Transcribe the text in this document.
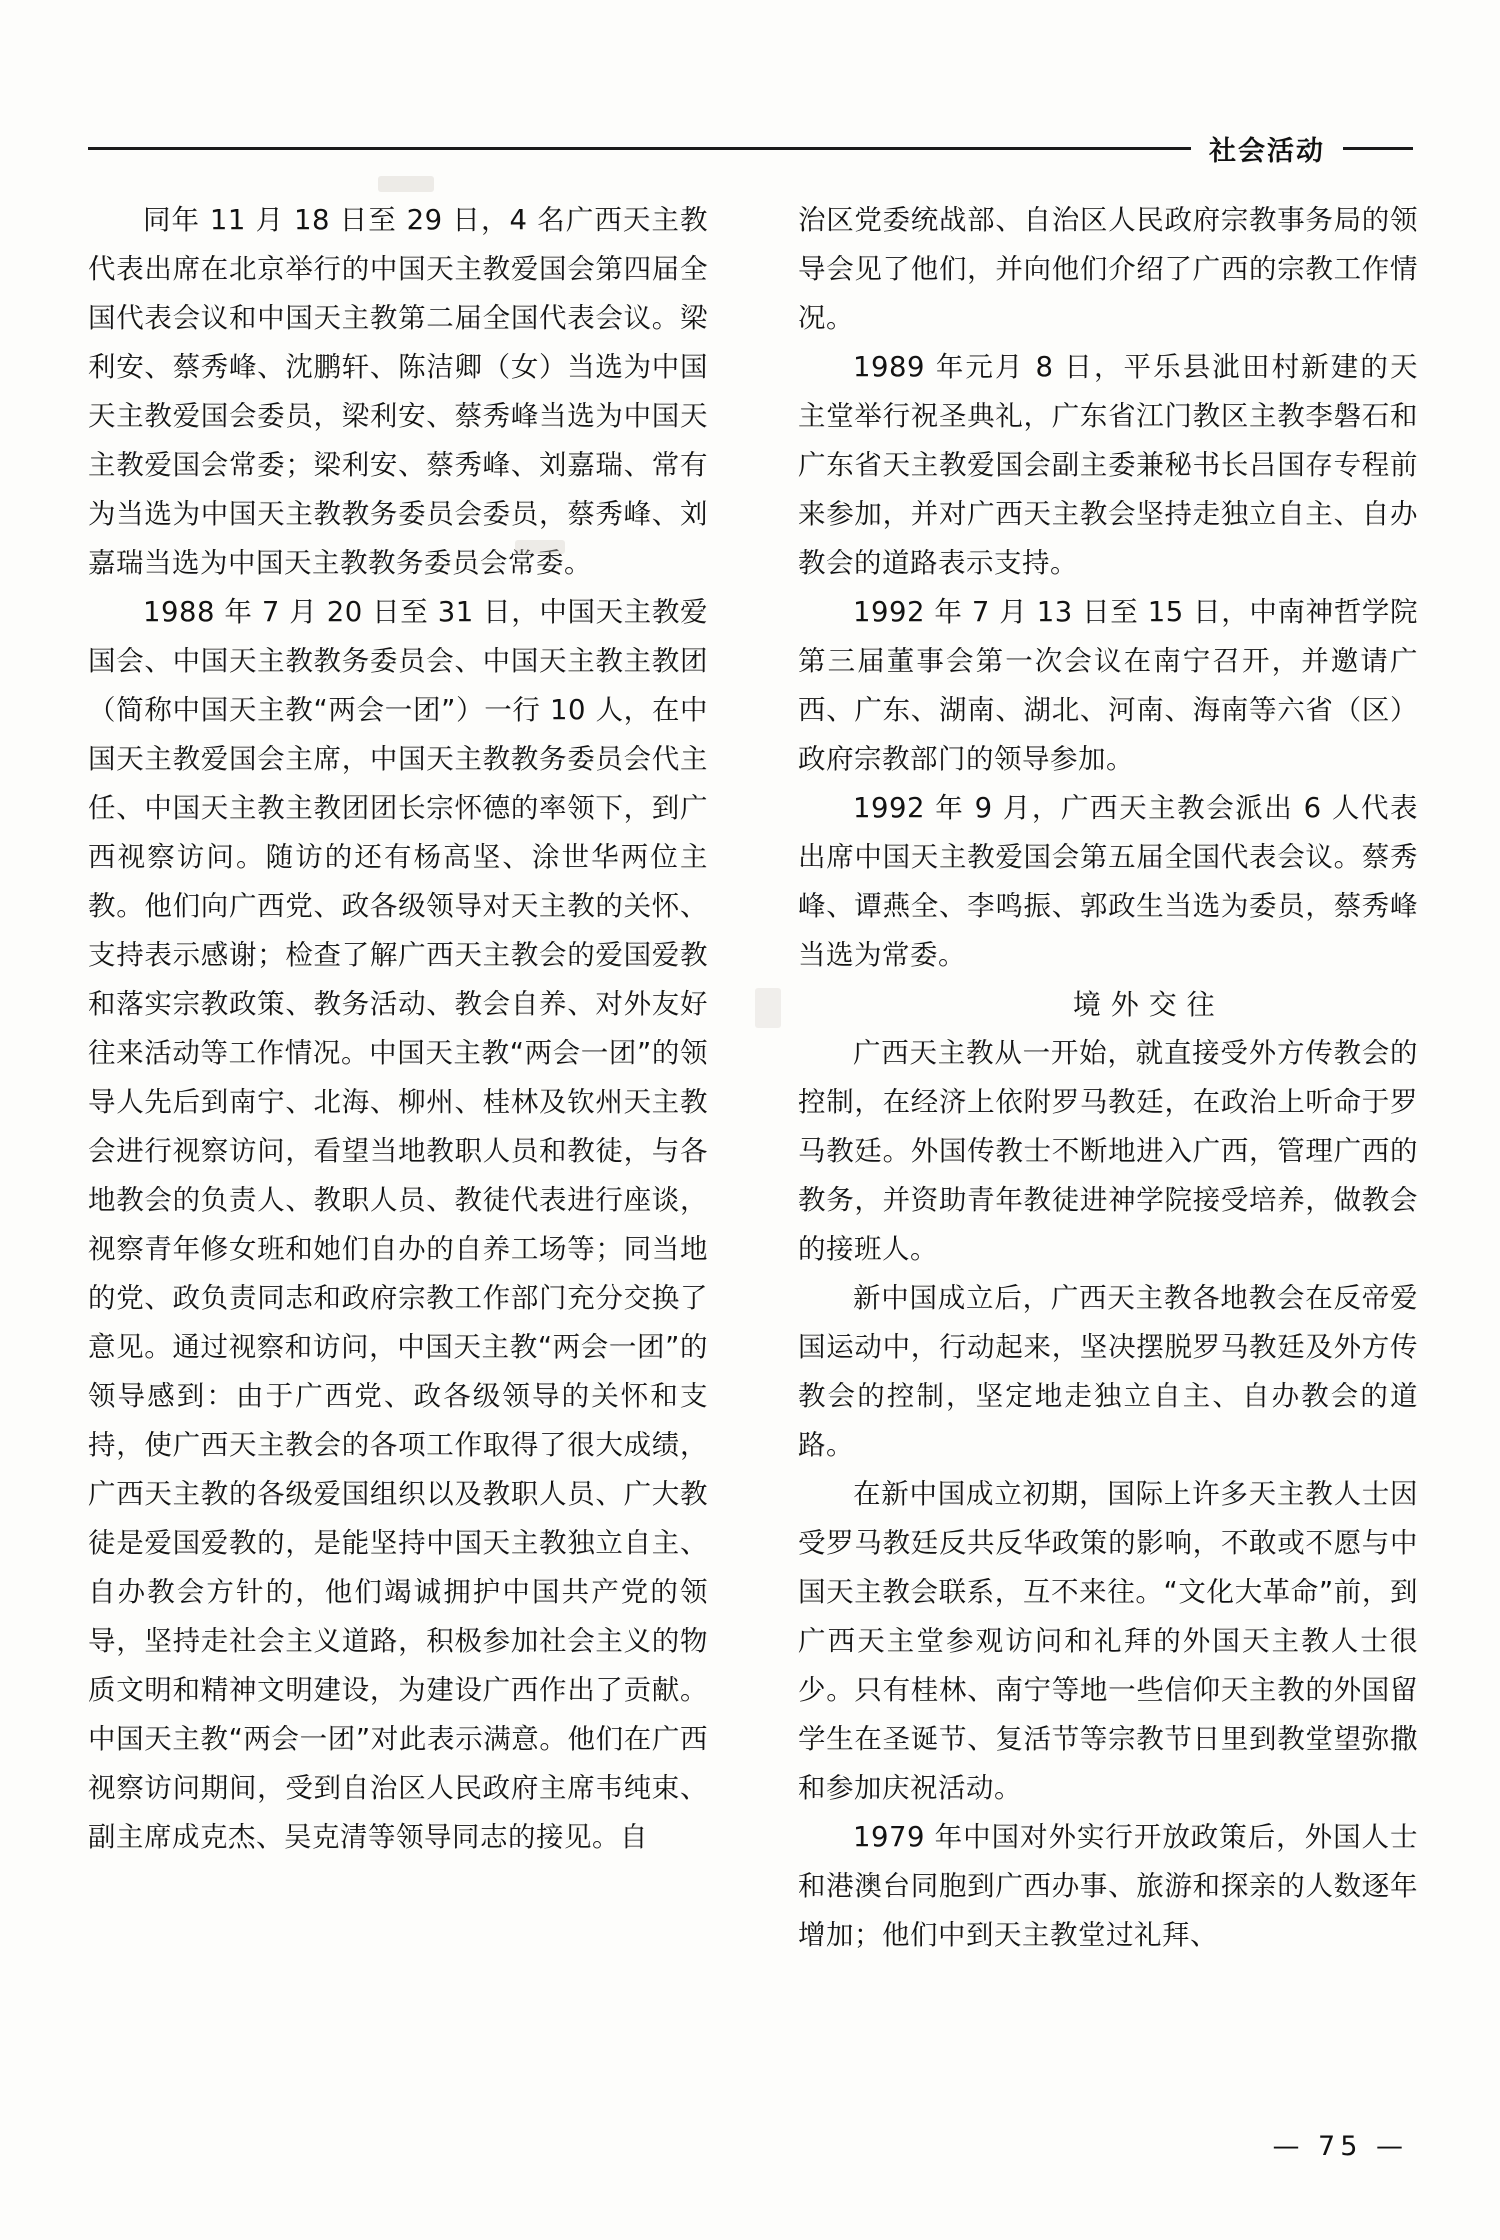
社会活动

同年 11 月 18 日至 29 日，4 名广西天主教代表出席在北京举行的中国天主教爱国会第四届全国代表会议和中国天主教第二届全国代表会议。梁利安、蔡秀峰、沈鹏轩、陈洁卿（女）当选为中国天主教爱国会委员，梁利安、蔡秀峰当选为中国天主教爱国会常委；梁利安、蔡秀峰、刘嘉瑞、常有为当选为中国天主教教务委员会委员，蔡秀峰、刘嘉瑞当选为中国天主教教务委员会常委。

1988 年 7 月 20 日至 31 日，中国天主教爱国会、中国天主教教务委员会、中国天主教主教团（简称中国天主教“两会一团”）一行 10 人，在中国天主教爱国会主席，中国天主教教务委员会代主任、中国天主教主教团团长宗怀德的率领下，到广西视察访问。随访的还有杨高坚、涂世华两位主教。他们向广西党、政各级领导对天主教的关怀、支持表示感谢；检查了解广西天主教会的爱国爱教和落实宗教政策、教务活动、教会自养、对外友好往来活动等工作情况。中国天主教“两会一团”的领导人先后到南宁、北海、柳州、桂林及钦州天主教会进行视察访问，看望当地教职人员和教徒，与各地教会的负责人、教职人员、教徒代表进行座谈，视察青年修女班和她们自办的自养工场等；同当地的党、政负责同志和政府宗教工作部门充分交换了意见。通过视察和访问，中国天主教“两会一团”的领导感到：由于广西党、政各级领导的关怀和支持，使广西天主教会的各项工作取得了很大成绩，广西天主教的各级爱国组织以及教职人员、广大教徒是爱国爱教的，是能坚持中国天主教独立自主、自办教会方针的，他们竭诚拥护中国共产党的领导，坚持走社会主义道路，积极参加社会主义的物质文明和精神文明建设，为建设广西作出了贡献。中国天主教“两会一团”对此表示满意。他们在广西视察访问期间，受到自治区人民政府主席韦纯束、副主席成克杰、吴克清等领导同志的接见。自

治区党委统战部、自治区人民政府宗教事务局的领导会见了他们，并向他们介绍了广西的宗教工作情况。

1989 年元月 8 日，平乐县泚田村新建的天主堂举行祝圣典礼，广东省江门教区主教李磐石和广东省天主教爱国会副主委兼秘书长吕国存专程前来参加，并对广西天主教会坚持走独立自主、自办教会的道路表示支持。

1992 年 7 月 13 日至 15 日，中南神哲学院第三届董事会第一次会议在南宁召开，并邀请广西、广东、湖南、湖北、河南、海南等六省（区）政府宗教部门的领导参加。

1992 年 9 月，广西天主教会派出 6 人代表出席中国天主教爱国会第五届全国代表会议。蔡秀峰、谭燕全、李鸣振、郭政生当选为委员，蔡秀峰当选为常委。

境 外 交 往

广西天主教从一开始，就直接受外方传教会的控制，在经济上依附罗马教廷，在政治上听命于罗马教廷。外国传教士不断地进入广西，管理广西的教务，并资助青年教徒进神学院接受培养，做教会的接班人。

新中国成立后，广西天主教各地教会在反帝爱国运动中，行动起来，坚决摆脱罗马教廷及外方传教会的控制，坚定地走独立自主、自办教会的道路。

在新中国成立初期，国际上许多天主教人士因受罗马教廷反共反华政策的影响，不敢或不愿与中国天主教会联系，互不来往。“文化大革命”前，到广西天主堂参观访问和礼拜的外国天主教人士很少。只有桂林、南宁等地一些信仰天主教的外国留学生在圣诞节、复活节等宗教节日里到教堂望弥撒和参加庆祝活动。

1979 年中国对外实行开放政策后，外国人士和港澳台同胞到广西办事、旅游和探亲的人数逐年增加；他们中到天主教堂过礼拜、

— 75 —
